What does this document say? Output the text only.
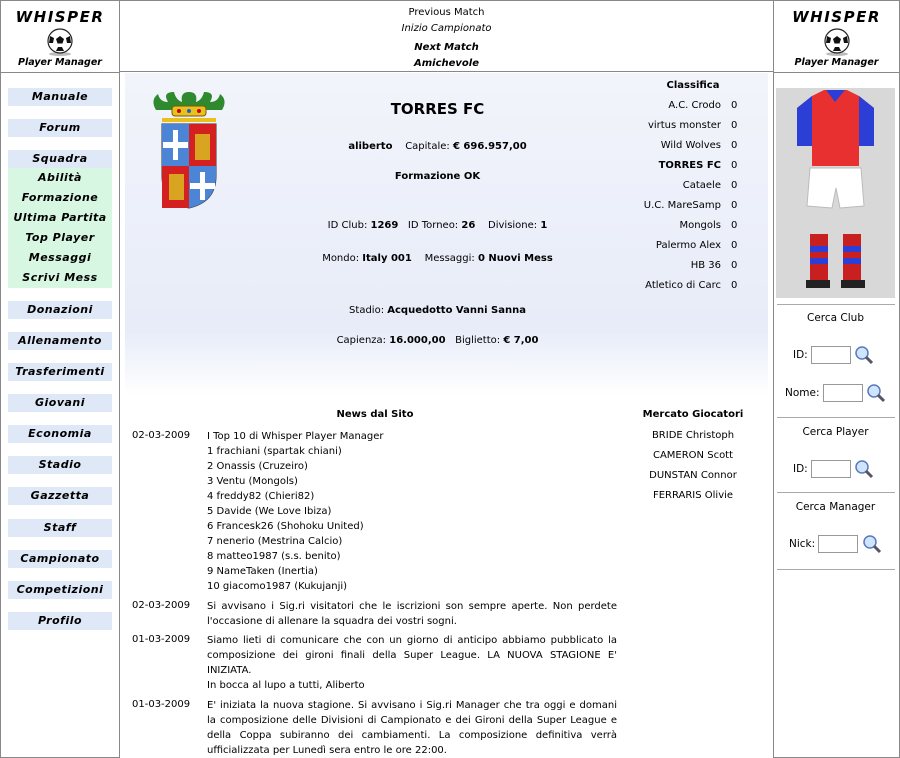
WHISPER
Player Manager
Previous Match
Inizio Campionato
Next Match
Amichevole
WHISPER
Player Manager
Manuale
Forum
Squadra
Abilità
Formazione
Ultima Partita
Top Player
Messaggi
Scrivi Mess
Donazioni
Allenamento
Trasferimenti
Giovani
Economia
Stadio
Gazzetta
Staff
Campionato
Competizioni
Profilo
TORRES FC
aliberto Capitale: € 696.957,00
Formazione OK
ID Club: 1269 ID Torneo: 26 Divisione: 1
Mondo: Italy 001 Messaggi: 0 Nuovi Mess
Stadio: Acquedotto Vanni Sanna
Capienza: 16.000,00 Biglietto: € 7,00
Classifica
A.C. Crodo 0
virtus monster 0
Wild Wolves 0
TORRES FC 0
Cataele 0
U.C. MareSamp 0
Mongols 0
Palermo Alex 0
HB 36 0
Atletico di Carc 0
News dal Sito
02-03-2009 I Top 10 di Whisper Player Manager
1 frachiani (spartak chiani)
2 Onassis (Cruzeiro)
3 Ventu (Mongols)
4 freddy82 (Chieri82)
5 Davide (We Love Ibiza)
6 Francesk26 (Shohoku United)
7 nenerio (Mestrina Calcio)
8 matteo1987 (s.s. benito)
9 NameTaken (Inertia)
10 giacomo1987 (Kukujanji)
02-03-2009 Si avvisano i Sig.ri visitatori che le iscrizioni son sempre aperte. Non perdete l'occasione di allenare la squadra dei vostri sogni.
01-03-2009 Siamo lieti di comunicare che con un giorno di anticipo abbiamo pubblicato la composizione dei gironi finali della Super League. LA NUOVA STAGIONE E' INIZIATA.
In bocca al lupo a tutti, Aliberto
01-03-2009 E' iniziata la nuova stagione. Si avvisano i Sig.ri Manager che tra oggi e domani la composizione delle Divisioni di Campionato e dei Gironi della Super League e della Coppa subiranno dei cambiamenti. La composizione definitiva verrà ufficializzata per Lunedì sera entro le ore 22:00.
Mercato Giocatori
BRIDE Christoph
CAMERON Scott
DUNSTAN Connor
FERRARIS Olivie
Cerca Club
ID:
Nome:
Cerca Player
ID:
Cerca Manager
Nick:
